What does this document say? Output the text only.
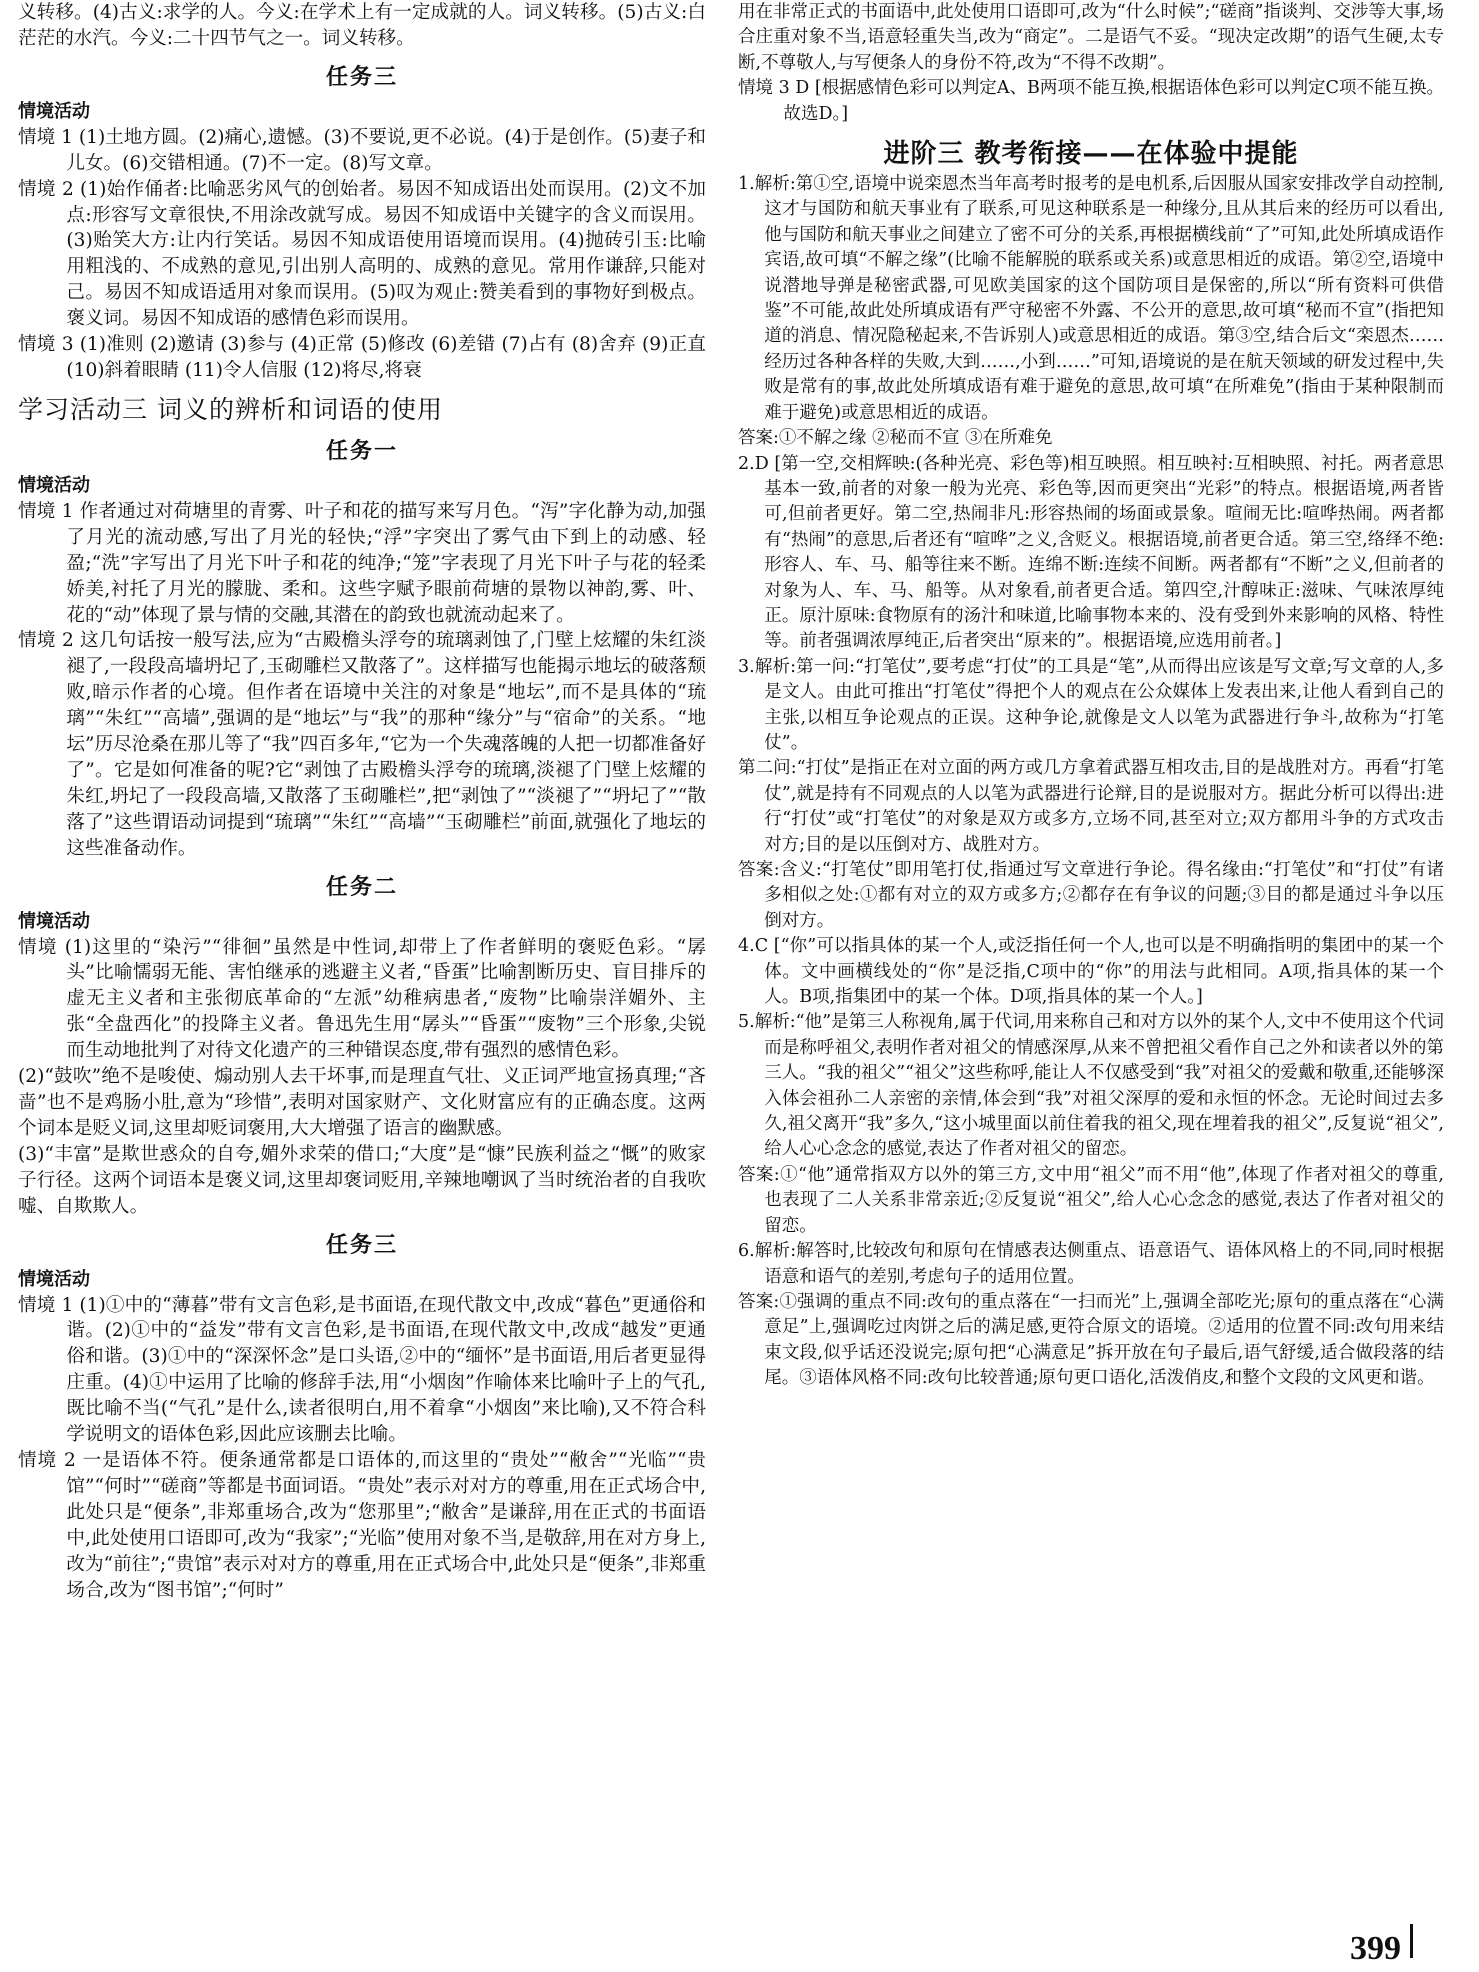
义转移。(4)古义:求学的人。今义:在学术上有一定成就的人。词义转移。(5)古义:白茫茫的水汽。今义:二十四节气之一。词义转移。

任务三
情境活动

情境 1 (1)土地方圆。(2)痛心,遗憾。(3)不要说,更不必说。(4)于是创作。(5)妻子和儿女。(6)交错相通。(7)不一定。(8)写文章。

情境 2 (1)始作俑者:比喻恶劣风气的创始者。易因不知成语出处而误用。(2)文不加点:形容写文章很快,不用涂改就写成。易因不知成语中关键字的含义而误用。(3)贻笑大方:让内行笑话。易因不知成语使用语境而误用。(4)抛砖引玉:比喻用粗浅的、不成熟的意见,引出别人高明的、成熟的意见。常用作谦辞,只能对己。易因不知成语适用对象而误用。(5)叹为观止:赞美看到的事物好到极点。褒义词。易因不知成语的感情色彩而误用。

情境 3 (1)准则 (2)邀请 (3)参与 (4)正常 (5)修改 (6)差错 (7)占有 (8)舍弃 (9)正直 (10)斜着眼睛 (11)令人信服 (12)将尽,将衰

学习活动三 词义的辨析和词语的使用
任务一
情境活动

情境 1 作者通过对荷塘里的青雾、叶子和花的描写来写月色。“泻”字化静为动,加强了月光的流动感,写出了月光的轻快;“浮”字突出了雾气由下到上的动感、轻盈;“洗”字写出了月光下叶子和花的纯净;“笼”字表现了月光下叶子与花的轻柔娇美,衬托了月光的朦胧、柔和。这些字赋予眼前荷塘的景物以神韵,雾、叶、花的“动”体现了景与情的交融,其潜在的韵致也就流动起来了。

情境 2 这几句话按一般写法,应为“古殿檐头浮夸的琉璃剥蚀了,门壁上炫耀的朱红淡褪了,一段段高墙坍圮了,玉砌雕栏又散落了”。这样描写也能揭示地坛的破落颓败,暗示作者的心境。但作者在语境中关注的对象是“地坛”,而不是具体的“琉璃”“朱红”“高墙”,强调的是“地坛”与“我”的那种“缘分”与“宿命”的关系。“地坛”历尽沧桑在那儿等了“我”四百多年,“它为一个失魂落魄的人把一切都准备好了”。它是如何准备的呢?它“剥蚀了古殿檐头浮夸的琉璃,淡褪了门壁上炫耀的朱红,坍圮了一段段高墙,又散落了玉砌雕栏”,把“剥蚀了”“淡褪了”“坍圮了”“散落了”这些谓语动词提到“琉璃”“朱红”“高墙”“玉砌雕栏”前面,就强化了地坛的这些准备动作。

任务二
情境活动

情境 (1)这里的“染污”“徘徊”虽然是中性词,却带上了作者鲜明的褒贬色彩。“孱头”比喻懦弱无能、害怕继承的逃避主义者,“昏蛋”比喻割断历史、盲目排斥的虚无主义者和主张彻底革命的“左派”幼稚病患者,“废物”比喻崇洋媚外、主张“全盘西化”的投降主义者。鲁迅先生用“孱头”“昏蛋”“废物”三个形象,尖锐而生动地批判了对待文化遗产的三种错误态度,带有强烈的感情色彩。

(2)“鼓吹”绝不是唆使、煽动别人去干坏事,而是理直气壮、义正词严地宣扬真理;“吝啬”也不是鸡肠小肚,意为“珍惜”,表明对国家财产、文化财富应有的正确态度。这两个词本是贬义词,这里却贬词褒用,大大增强了语言的幽默感。

(3)“丰富”是欺世惑众的自夸,媚外求荣的借口;“大度”是“慷”民族利益之“慨”的败家子行径。这两个词语本是褒义词,这里却褒词贬用,辛辣地嘲讽了当时统治者的自我吹嘘、自欺欺人。

任务三
情境活动

情境 1 (1)①中的“薄暮”带有文言色彩,是书面语,在现代散文中,改成“暮色”更通俗和谐。(2)①中的“益发”带有文言色彩,是书面语,在现代散文中,改成“越发”更通俗和谐。(3)①中的“深深怀念”是口头语,②中的“缅怀”是书面语,用后者更显得庄重。(4)①中运用了比喻的修辞手法,用“小烟囱”作喻体来比喻叶子上的气孔,既比喻不当(“气孔”是什么,读者很明白,用不着拿“小烟囱”来比喻),又不符合科学说明文的语体色彩,因此应该删去比喻。

情境 2 一是语体不符。便条通常都是口语体的,而这里的“贵处”“敝舍”“光临”“贵馆”“何时”“磋商”等都是书面词语。“贵处”表示对对方的尊重,用在正式场合中,此处只是“便条”,非郑重场合,改为“您那里”;“敝舍”是谦辞,用在正式的书面语中,此处使用口语即可,改为“我家”;“光临”使用对象不当,是敬辞,用在对方身上,改为“前往”;“贵馆”表示对对方的尊重,用在正式场合中,此处只是“便条”,非郑重场合,改为“图书馆”;“何时”

用在非常正式的书面语中,此处使用口语即可,改为“什么时候”;“磋商”指谈判、交涉等大事,场合庄重对象不当,语意轻重失当,改为“商定”。二是语气不妥。“现决定改期”的语气生硬,太专断,不尊敬人,与写便条人的身份不符,改为“不得不改期”。

情境 3 D [根据感情色彩可以判定A、B两项不能互换,根据语体色彩可以判定C项不能互换。故选D。]

进阶三 教考衔接——在体验中提能

1.解析:第①空,语境中说栾恩杰当年高考时报考的是电机系,后因服从国家安排改学自动控制,这才与国防和航天事业有了联系,可见这种联系是一种缘分,且从其后来的经历可以看出,他与国防和航天事业之间建立了密不可分的关系,再根据横线前“了”可知,此处所填成语作宾语,故可填“不解之缘”(比喻不能解脱的联系或关系)或意思相近的成语。第②空,语境中说潜地导弹是秘密武器,可见欧美国家的这个国防项目是保密的,所以“所有资料可供借鉴”不可能,故此处所填成语有严守秘密不外露、不公开的意思,故可填“秘而不宣”(指把知道的消息、情况隐秘起来,不告诉别人)或意思相近的成语。第③空,结合后文“栾恩杰……经历过各种各样的失败,大到……,小到……”可知,语境说的是在航天领域的研发过程中,失败是常有的事,故此处所填成语有难于避免的意思,故可填“在所难免”(指由于某种限制而难于避免)或意思相近的成语。

答案:①不解之缘 ②秘而不宣 ③在所难免

2.D [第一空,交相辉映:(各种光亮、彩色等)相互映照。相互映衬:互相映照、衬托。两者意思基本一致,前者的对象一般为光亮、彩色等,因而更突出“光彩”的特点。根据语境,两者皆可,但前者更好。第二空,热闹非凡:形容热闹的场面或景象。喧闹无比:喧哗热闹。两者都有“热闹”的意思,后者还有“喧哗”之义,含贬义。根据语境,前者更合适。第三空,络绎不绝:形容人、车、马、船等往来不断。连绵不断:连续不间断。两者都有“不断”之义,但前者的对象为人、车、马、船等。从对象看,前者更合适。第四空,汁醇味正:滋味、气味浓厚纯正。原汁原味:食物原有的汤汁和味道,比喻事物本来的、没有受到外来影响的风格、特性等。前者强调浓厚纯正,后者突出“原来的”。根据语境,应选用前者。]

3.解析:第一问:“打笔仗”,要考虑“打仗”的工具是“笔”,从而得出应该是写文章;写文章的人,多是文人。由此可推出“打笔仗”得把个人的观点在公众媒体上发表出来,让他人看到自己的主张,以相互争论观点的正误。这种争论,就像是文人以笔为武器进行争斗,故称为“打笔仗”。

第二问:“打仗”是指正在对立面的两方或几方拿着武器互相攻击,目的是战胜对方。再看“打笔仗”,就是持有不同观点的人以笔为武器进行论辩,目的是说服对方。据此分析可以得出:进行“打仗”或“打笔仗”的对象是双方或多方,立场不同,甚至对立;双方都用斗争的方式攻击对方;目的是以压倒对方、战胜对方。

答案:含义:“打笔仗”即用笔打仗,指通过写文章进行争论。得名缘由:“打笔仗”和“打仗”有诸多相似之处:①都有对立的双方或多方;②都存在有争议的问题;③目的都是通过斗争以压倒对方。

4.C [“你”可以指具体的某一个人,或泛指任何一个人,也可以是不明确指明的集团中的某一个体。文中画横线处的“你”是泛指,C项中的“你”的用法与此相同。A项,指具体的某一个人。B项,指集团中的某一个体。D项,指具体的某一个人。]

5.解析:“他”是第三人称视角,属于代词,用来称自己和对方以外的某个人,文中不使用这个代词而是称呼祖父,表明作者对祖父的情感深厚,从来不曾把祖父看作自己之外和读者以外的第三人。“我的祖父”“祖父”这些称呼,能让人不仅感受到“我”对祖父的爱戴和敬重,还能够深入体会祖孙二人亲密的亲情,体会到“我”对祖父深厚的爱和永恒的怀念。无论时间过去多久,祖父离开“我”多久,“这小城里面以前住着我的祖父,现在埋着我的祖父”,反复说“祖父”,给人心心念念的感觉,表达了作者对祖父的留恋。

答案:①“他”通常指双方以外的第三方,文中用“祖父”而不用“他”,体现了作者对祖父的尊重,也表现了二人关系非常亲近;②反复说“祖父”,给人心心念念的感觉,表达了作者对祖父的留恋。

6.解析:解答时,比较改句和原句在情感表达侧重点、语意语气、语体风格上的不同,同时根据语意和语气的差别,考虑句子的适用位置。

答案:①强调的重点不同:改句的重点落在“一扫而光”上,强调全部吃光;原句的重点落在“心满意足”上,强调吃过肉饼之后的满足感,更符合原文的语境。②适用的位置不同:改句用来结束文段,似乎话还没说完;原句把“心满意足”拆开放在句子最后,语气舒缓,适合做段落的结尾。③语体风格不同:改句比较普通;原句更口语化,活泼俏皮,和整个文段的文风更和谐。

399
